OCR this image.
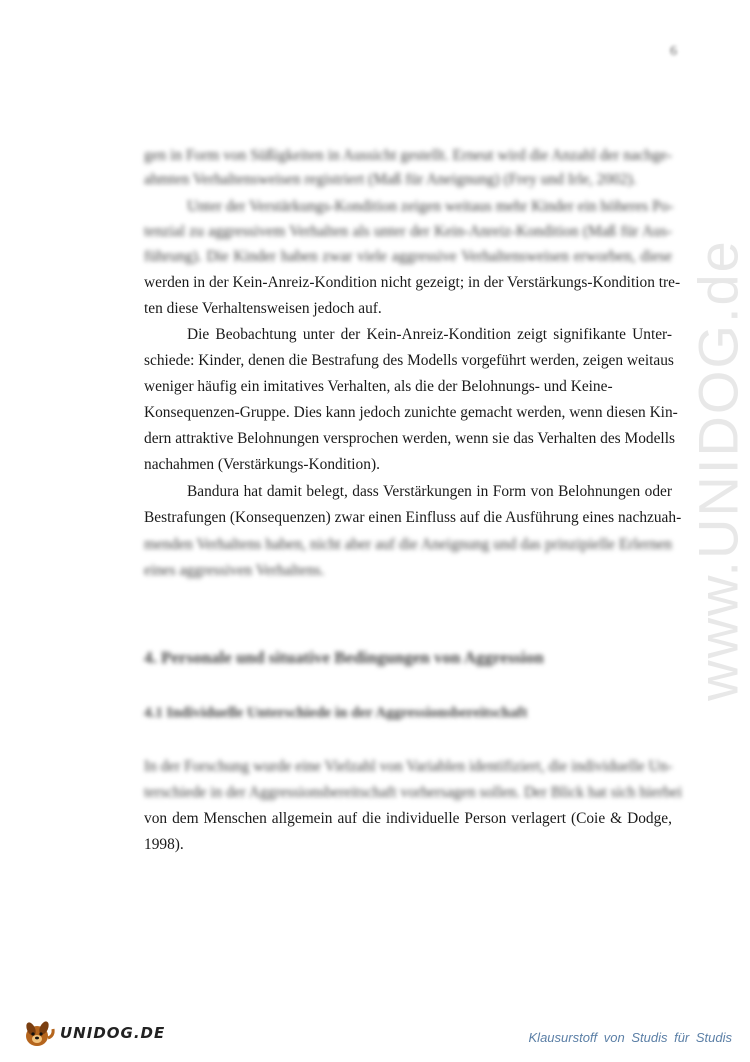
6
www.UNIDOG.de
gen in Form von Süßigkeiten in Aussicht gestellt. Erneut wird die Anzahl der nachge-
ahmten Verhaltensweisen registriert (Maß für Aneignung) (Frey und Irle, 2002).
Unter der Verstärkungs-Kondition zeigen weitaus mehr Kinder ein höheres Po-
tenzial zu aggressivem Verhalten als unter der Kein-Anreiz-Kondition (Maß für Aus-
führung). Die Kinder haben zwar viele aggressive Verhaltensweisen erworben, diese
werden in der Kein-Anreiz-Kondition nicht gezeigt; in der Verstärkungs-Kondition tre-
ten diese Verhaltensweisen jedoch auf.
Die Beobachtung unter der Kein-Anreiz-Kondition zeigt signifikante Unter-
schiede: Kinder, denen die Bestrafung des Modells vorgeführt werden, zeigen weitaus
weniger häufig ein imitatives Verhalten, als die der Belohnungs- und Keine-
Konsequenzen-Gruppe. Dies kann jedoch zunichte gemacht werden, wenn diesen Kin-
dern attraktive Belohnungen versprochen werden, wenn sie das Verhalten des Modells
nachahmen (Verstärkungs-Kondition).
Bandura hat damit belegt, dass Verstärkungen in Form von Belohnungen oder
Bestrafungen (Konsequenzen) zwar einen Einfluss auf die Ausführung eines nachzuah-
menden Verhaltens haben, nicht aber auf die Aneignung und das prinzipielle Erlernen
eines aggressiven Verhaltens.
4. Personale und situative Bedingungen von Aggression
4.1 Individuelle Unterschiede in der Aggressionsbereitschaft
In der Forschung wurde eine Vielzahl von Variablen identifiziert, die individuelle Un-
terschiede in der Aggressionsbereitschaft vorhersagen sollen. Der Blick hat sich hierbei
von dem Menschen allgemein auf die individuelle Person verlagert (Coie & Dodge,
1998).
UNIDOG.DE	Klausurstoff von Studis für Studis
